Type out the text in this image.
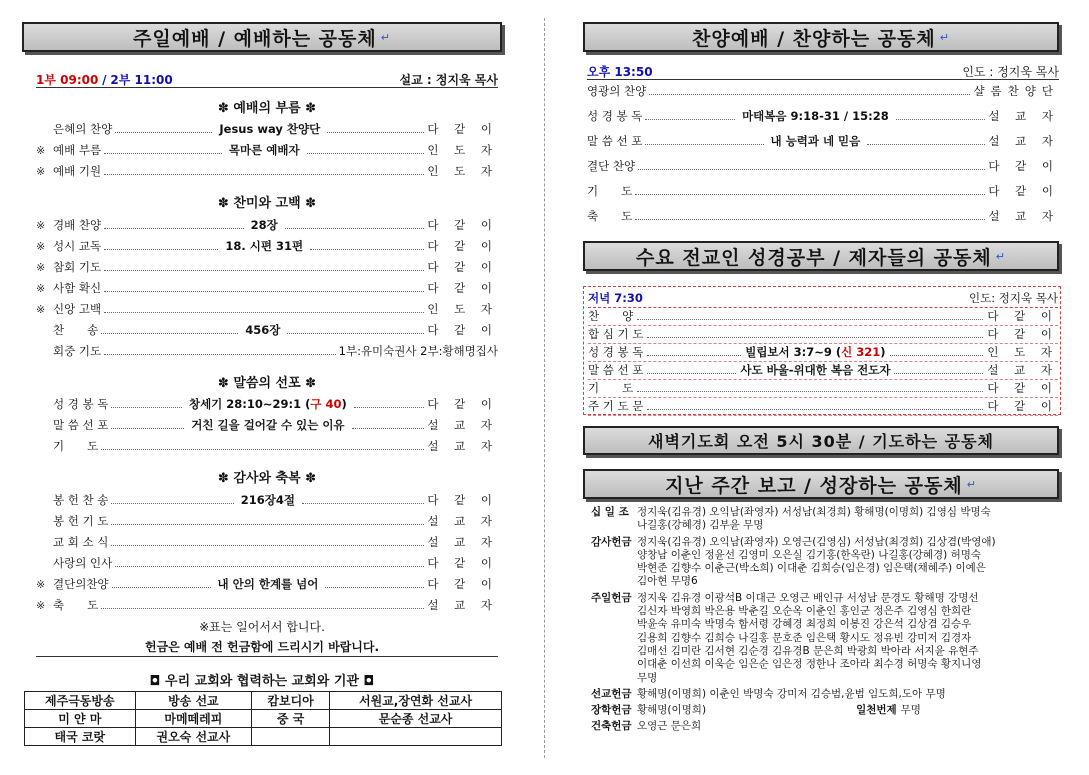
주일예배 / 예배하는 공동체 ↵
1부 09:00 / 2부 11:00	설교 : 정지욱 목사
✽ 예배의 부름 ✽
은혜의 찬양	Jesus way 찬양단	다 같 이
※ 예배 부름	목마른 예배자	인 도 자
※ 예배 기원	인 도 자
✽ 찬미와 고백 ✽
※ 경배 찬양	28장	다 같 이
※ 성시 교독	18. 시편 31편	다 같 이
※ 참회 기도	다 같 이
※ 사함 확신	다 같 이
※ 신앙 고백	인 도 자
찬　　송	456장	다 같 이
회중 기도	1부:유미숙권사 2부:황해명집사
✽ 말씀의 선포 ✽
성 경 봉 독	창세기 28:10~29:1 (구 40)	다 같 이
말 씀 선 포	거친 길을 걸어갈 수 있는 이유	설 교 자
기　　도	설 교 자
✽ 감사와 축복 ✽
봉 헌 찬 송	216장4절	다 같 이
봉 헌 기 도	설 교 자
교 회 소 식	설 교 자
사랑의 인사	다 같 이
※ 결단의찬양	내 안의 한계를 넘어	다 같 이
※ 축　　도	설 교 자
※표는 일어서서 합니다.
헌금은 예배 전 헌금함에 드리시기 바랍니다.
◘ 우리 교회와 협력하는 교회와 기관 ◘
제주극동방송	방송 선교	캄보디아	서원교,장연화 선교사
미 얀 마	마메떼레피	중 국	문순종 선교사
태국 코랏	권오숙 선교사		
찬양예배 / 찬양하는 공동체 ↵
오후 13:50	인도 : 정지욱 목사
영광의 찬양	샬롬찬양단
성 경 봉 독	마태복음 9:18-31 / 15:28	설 교 자
말 씀 선 포	내 능력과 네 믿음	설 교 자
결단 찬양	다 같 이
기　　도	다 같 이
축　　도	설 교 자
수요 전교인 성경공부 / 제자들의 공동체 ↵
저녁 7:30	인도: 정지욱 목사
찬　　양	다 같 이
합 심 기 도	다 같 이
성 경 봉 독	빌립보서 3:7~9 (신 321)	인 도 자
말 씀 선 포	사도 바울-위대한 복음 전도자	설 교 자
기　　도	다 같 이
주 기 도 문	다 같 이
새벽기도회 오전 5시 30분 / 기도하는 공동체
지난 주간 보고 / 성장하는 공동체 ↵
십 일 조 정지욱(김유경) 오익남(좌영자) 서성남(최경희) 황해명(이명희) 김영심 박명숙
나길홍(강혜경) 김부윤 무명
감사헌금 정지욱(김유경) 오익남(좌영자) 오영근(김영심) 서성남(최경희) 김상겸(박영애)
양창남 이춘인 정윤선 김영미 오은실 김기홍(한옥란) 나길홍(강혜경) 허명숙
박현준 김향수 이춘근(박소희) 이대춘 김희승(임은경) 임은택(채혜주) 이예은
김아현 무명6
주일헌금 정지욱 김유경 이광석B 이대근 오영근 배인규 서성남 문경도 황해명 강명선
김신자 박영희 박은용 박춘길 오순옥 이춘인 홍인군 정은주 김영심 한희란
박윤숙 유미숙 박명숙 함서령 강혜경 최정희 이봉진 강은석 김상겸 김승우
김용희 김향수 김희승 나길홍 문호준 임은택 황시도 정유빈 강미저 김경자
김매선 김미란 김서현 김순경 김유경B 문은희 박광희 박아라 서지윤 유현주
이대춘 이선희 이욱순 임은순 임은정 정한나 조아라 최수경 허명숙 황지니영
무명
선교헌금 황해명(이명희) 이춘인 박명숙 강미저 김승범,윤범 임도희,도아 무명
장학헌금 황해명(이명희)	일천번제 무명
건축헌금 오영근 문은희
